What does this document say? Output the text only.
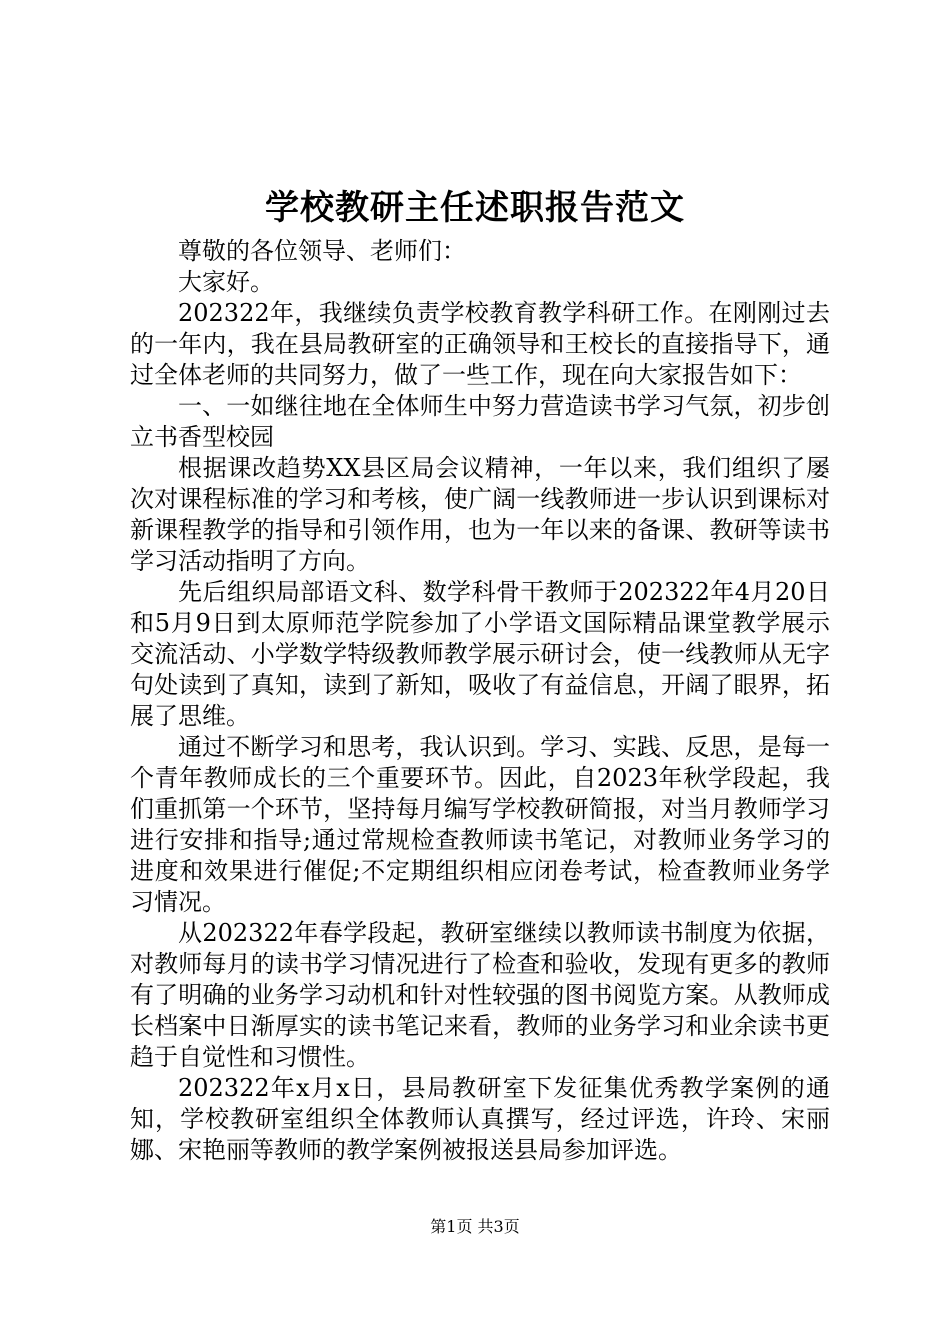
学校教研主任述职报告范文

尊敬的各位领导、老师们：

大家好。

202322年，我继续负责学校教育教学科研工作。在刚刚过去的一年内，我在县局教研室的正确领导和王校长的直接指导下，通过全体老师的共同努力，做了一些工作，现在向大家报告如下：

一、一如继往地在全体师生中努力营造读书学习气氛，初步创立书香型校园

根据课改趋势XX县区局会议精神，一年以来，我们组织了屡次对课程标准的学习和考核，使广阔一线教师进一步认识到课标对新课程教学的指导和引领作用，也为一年以来的备课、教研等读书学习活动指明了方向。

先后组织局部语文科、数学科骨干教师于202322年4月20日和5月9日到太原师范学院参加了小学语文国际精品课堂教学展示交流活动、小学数学特级教师教学展示研讨会，使一线教师从无字句处读到了真知，读到了新知，吸收了有益信息，开阔了眼界，拓展了思维。

通过不断学习和思考，我认识到。学习、实践、反思，是每一个青年教师成长的三个重要环节。因此，自2023年秋学段起，我们重抓第一个环节，坚持每月编写学校教研简报，对当月教师学习进行安排和指导;通过常规检查教师读书笔记，对教师业务学习的进度和效果进行催促;不定期组织相应闭卷考试，检查教师业务学习情况。

从202322年春学段起，教研室继续以教师读书制度为依据，对教师每月的读书学习情况进行了检查和验收，发现有更多的教师有了明确的业务学习动机和针对性较强的图书阅览方案。从教师成长档案中日渐厚实的读书笔记来看，教师的业务学习和业余读书更趋于自觉性和习惯性。

202322年x月x日，县局教研室下发征集优秀教学案例的通知，学校教研室组织全体教师认真撰写，经过评选，许玲、宋丽娜、宋艳丽等教师的教学案例被报送县局参加评选。

第1页 共3页
